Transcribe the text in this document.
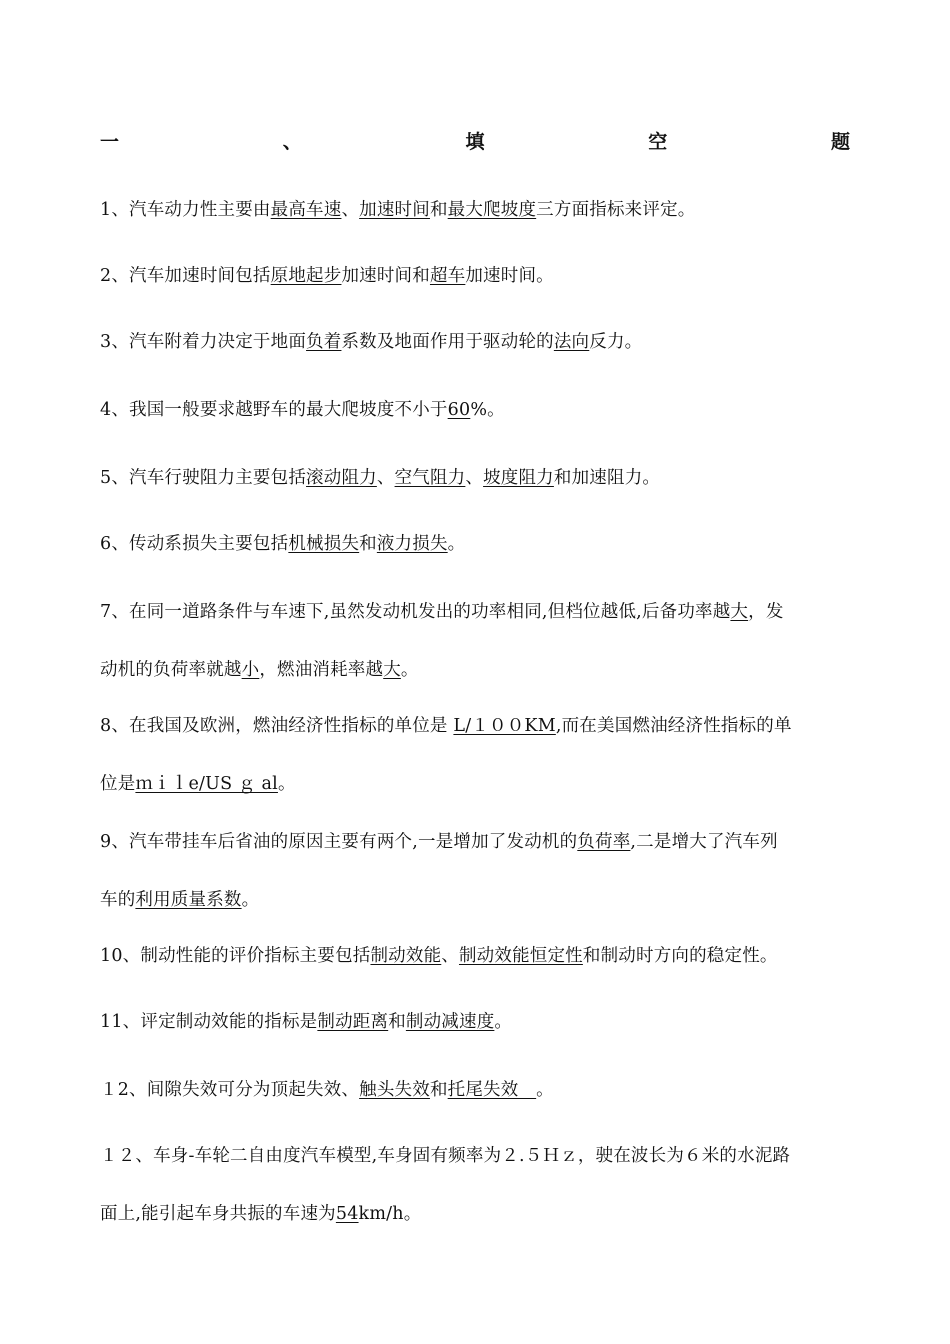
一	、	填	空	题
1、汽车动力性主要由最高车速、加速时间和最大爬坡度三方面指标来评定。
2、汽车加速时间包括原地起步加速时间和超车加速时间。
3、汽车附着力决定于地面负着系数及地面作用于驱动轮的法向反力。
4、我国一般要求越野车的最大爬坡度不小于60%。
5、汽车行驶阻力主要包括滚动阻力、空气阻力、坡度阻力和加速阻力。
6、传动系损失主要包括机械损失和液力损失。
7、在同一道路条件与车速下,虽然发动机发出的功率相同,但档位越低,后备功率越大，发
动机的负荷率就越小，燃油消耗率越大。
8、在我国及欧洲，燃油经济性指标的单位是 L/１００KM,而在美国燃油经济性指标的单
位是ｍｉｌe/US ｇ al。
9、汽车带挂车后省油的原因主要有两个,一是增加了发动机的负荷率,二是增大了汽车列
车的利用质量系数。
10、制动性能的评价指标主要包括制动效能、制动效能恒定性和制动时方向的稳定性。
11、评定制动效能的指标是制动距离和制动减速度。
１2、间隙失效可分为顶起失效、触头失效和托尾失效　。
１２、车身-车轮二自由度汽车模型,车身固有频率为２.５Ｈｚ，驶在波长为６米的水泥路
面上,能引起车身共振的车速为54km/h。
